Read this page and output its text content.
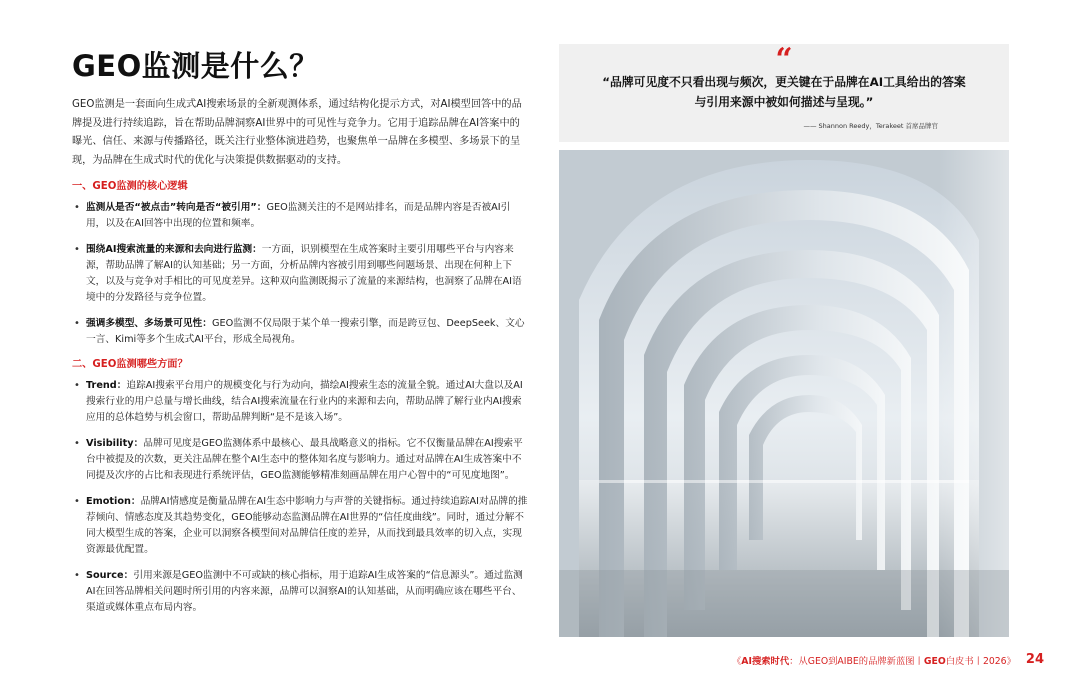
GEO监测是什么？

GEO监测是一套面向生成式AI搜索场景的全新观测体系，通过结构化提示方式，对AI模型回答中的品牌提及进行持续追踪，旨在帮助品牌洞察AI世界中的可见性与竞争力。它用于追踪品牌在AI答案中的曝光、信任、来源与传播路径，既关注行业整体演进趋势，也聚焦单一品牌在多模型、多场景下的呈现，为品牌在生成式时代的优化与决策提供数据驱动的支持。

一、GEO监测的核心逻辑
• 监测从是否“被点击”转向是否“被引用”：GEO监测关注的不是网站排名，而是品牌内容是否被AI引用，以及在AI回答中出现的位置和频率。
• 围绕AI搜索流量的来源和去向进行监测：一方面，识别模型在生成答案时主要引用哪些平台与内容来源，帮助品牌了解AI的认知基础；另一方面，分析品牌内容被引用到哪些问题场景、出现在何种上下文，以及与竞争对手相比的可见度差异。这种双向监测既揭示了流量的来源结构，也洞察了品牌在AI语境中的分发路径与竞争位置。
• 强调多模型、多场景可见性：GEO监测不仅局限于某个单一搜索引擎，而是跨豆包、DeepSeek、文心一言、Kimi等多个生成式AI平台，形成全局视角。
二、GEO监测哪些方面？
• Trend：追踪AI搜索平台用户的规模变化与行为动向，描绘AI搜索生态的流量全貌。通过AI大盘以及AI搜索行业的用户总量与增长曲线，结合AI搜索流量在行业内的来源和去向，帮助品牌了解行业内AI搜索应用的总体趋势与机会窗口，帮助品牌判断“是不是该入场”。
• Visibility：品牌可见度是GEO监测体系中最核心、最具战略意义的指标。它不仅衡量品牌在AI搜索平台中被提及的次数，更关注品牌在整个AI生态中的整体知名度与影响力。通过对品牌在AI生成答案中不同提及次序的占比和表现进行系统评估，GEO监测能够精准刻画品牌在用户心智中的“可见度地图”。
• Emotion：品牌AI情感度是衡量品牌在AI生态中影响力与声誉的关键指标。通过持续追踪AI对品牌的推荐倾向、情感态度及其趋势变化，GEO能够动态监测品牌在AI世界的“信任度曲线”。同时，通过分解不同大模型生成的答案，企业可以洞察各模型间对品牌信任度的差异，从而找到最具效率的切入点，实现资源最优配置。
• Source：引用来源是GEO监测中不可或缺的核心指标，用于追踪AI生成答案的“信息源头”。通过监测AI在回答品牌相关问题时所引用的内容来源，品牌可以洞察AI的认知基础，从而明确应该在哪些平台、渠道或媒体重点布局内容。
“

“品牌可见度不只看出现与频次，更关键在于品牌在AI工具给出的答案与引用来源中被如何描述与呈现。”

—— Shannon Reedy，Terakeet 首席品牌官
《AI搜索时代：从GEO到AIBE的品牌新蓝图丨GEO白皮书丨2026》 24
